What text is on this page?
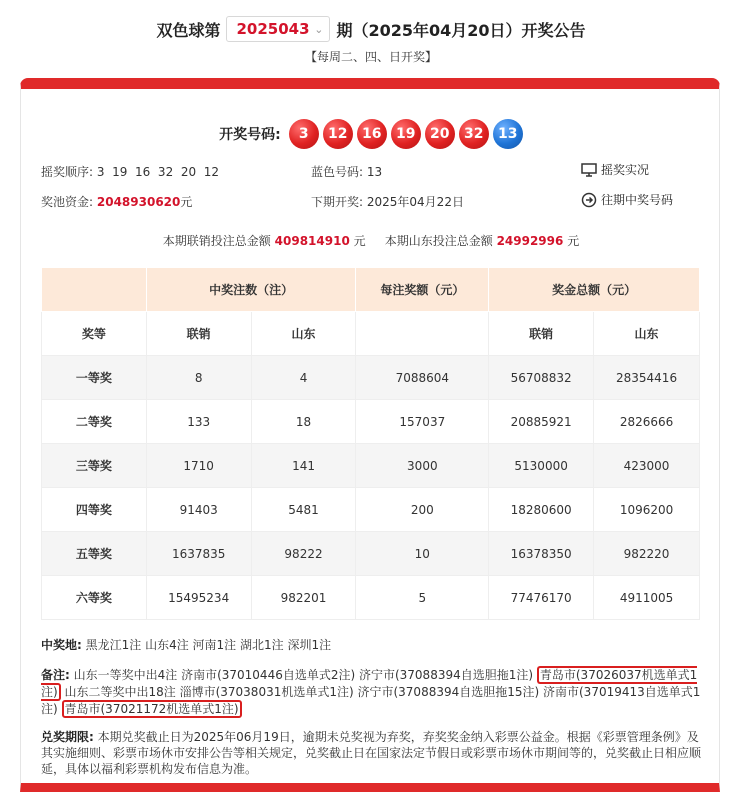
双色球第 2025043 ⌄ 期（2025年04月20日）开奖公告
【每周二、四、日开奖】
开奖号码:	3	12	16	19	20	32	13
摇奖顺序: 3  19  16  32  20  12	蓝色号码: 13	摇奖实况
奖池资金: 2048930620元	下期开奖: 2025年04月22日	往期中奖号码
本期联销投注总金额 409814910 元 本期山东投注总金额 24992996 元
	中奖注数（注）		每注奖额（元）	奖金总额（元）	
奖等	联销	山东		联销	山东
一等奖	8	4	7088604	56708832	28354416
二等奖	133	18	157037	20885921	2826666
三等奖	1710	141	3000	5130000	423000
四等奖	91403	5481	200	18280600	1096200
五等奖	1637835	98222	10	16378350	982220
六等奖	15495234	982201	5	77476170	4911005
中奖地: 黑龙江1注 山东4注 河南1注 湖北1注 深圳1注
备注: 山东一等奖中出4注 济南市(37010446自选单式2注) 济宁市(37088394自选胆拖1注) 青岛市(37026037机选单式1注) 山东二等奖中出18注 淄博市(37038031机选单式1注) 济宁市(37088394自选胆拖15注) 济南市(37019413自选单式1注) 青岛市(37021172机选单式1注)
兑奖期限: 本期兑奖截止日为2025年06月19日，逾期未兑奖视为弃奖，弃奖奖金纳入彩票公益金。根据《彩票管理条例》及其实施细则、彩票市场休市安排公告等相关规定，兑奖截止日在国家法定节假日或彩票市场休市期间等的，兑奖截止日相应顺延，具体以福利彩票机构发布信息为准。
